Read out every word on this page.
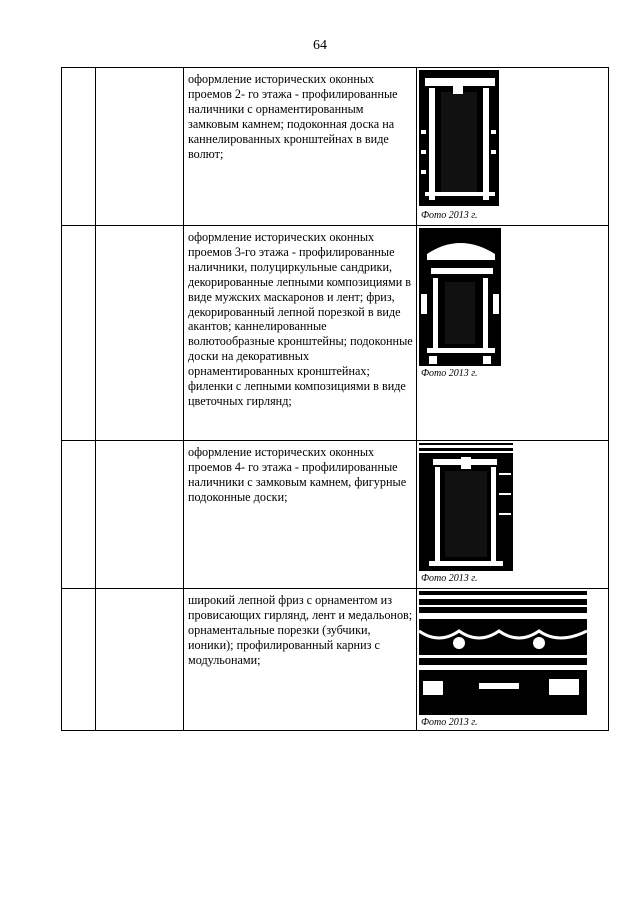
64

		оформление исторических оконных проемов 2- го этажа - профилированные наличники с орнаментированным замковым камнем; подоконная доска на каннелированных кронштейнах в виде волют;	Фото 2013 г.

		оформление исторических оконных проемов 3-го этажа - профилированные наличники, полуциркульные сандрики, декорированные лепными композициями в виде мужских маскаронов и лент; фриз, декорированный лепной порезкой в виде акантов; каннелированные волютообразные кронштейны; подоконные доски на декоративных орнаментированных кронштейнах; филенки с лепными композициями в виде цветочных гирлянд;	Фото 2013 г.

		оформление исторических оконных проемов 4- го этажа - профилированные наличники с замковым камнем, фигурные подоконные доски;	Фото 2013 г.

		широкий лепной фриз с орнаментом из провисающих гирлянд, лент и медальонов; орнаментальные порезки (зубчики, ионики); профилированный карниз с модульонами;	Фото 2013 г.
